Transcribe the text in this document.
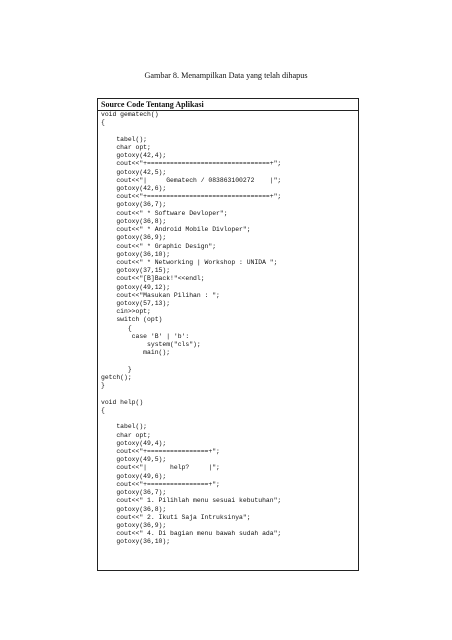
Gambar 8. Menampilkan Data yang telah dihapus
Source Code Tentang Aplikasi
void gematech()
{
tabel();
char opt;
gotoxy(42,4);
cout<<"+================================+";
gotoxy(42,5);
cout<<"|     Gematech / 083863100272    |";
gotoxy(42,6);
cout<<"+================================+";
gotoxy(36,7);
cout<<" * Software Devloper";
gotoxy(36,8);
cout<<" * Android Mobile Divloper";
gotoxy(36,9);
cout<<" * Graphic Design";
gotoxy(36,10);
cout<<" * Networking | Workshop : UNIDA ";
gotoxy(37,15);
cout<<"[B]Back!"<<endl;
gotoxy(49,12);
cout<<"Masukan Pilihan : ";
gotoxy(57,13);
cin>>opt;
switch (opt)
{
case 'B' | 'b':
system("cls");
main();
}
getch();
}
void help()
{
tabel();
char opt;
gotoxy(49,4);
cout<<"+================+";
gotoxy(49,5);
cout<<"|      help?     |";
gotoxy(49,6);
cout<<"+================+";
gotoxy(36,7);
cout<<" 1. Pilihlah menu sesuai kebutuhan";
gotoxy(36,8);
cout<<" 2. Ikuti Saja Intruksinya";
gotoxy(36,9);
cout<<" 4. Di bagian menu bawah sudah ada";
gotoxy(36,10);
